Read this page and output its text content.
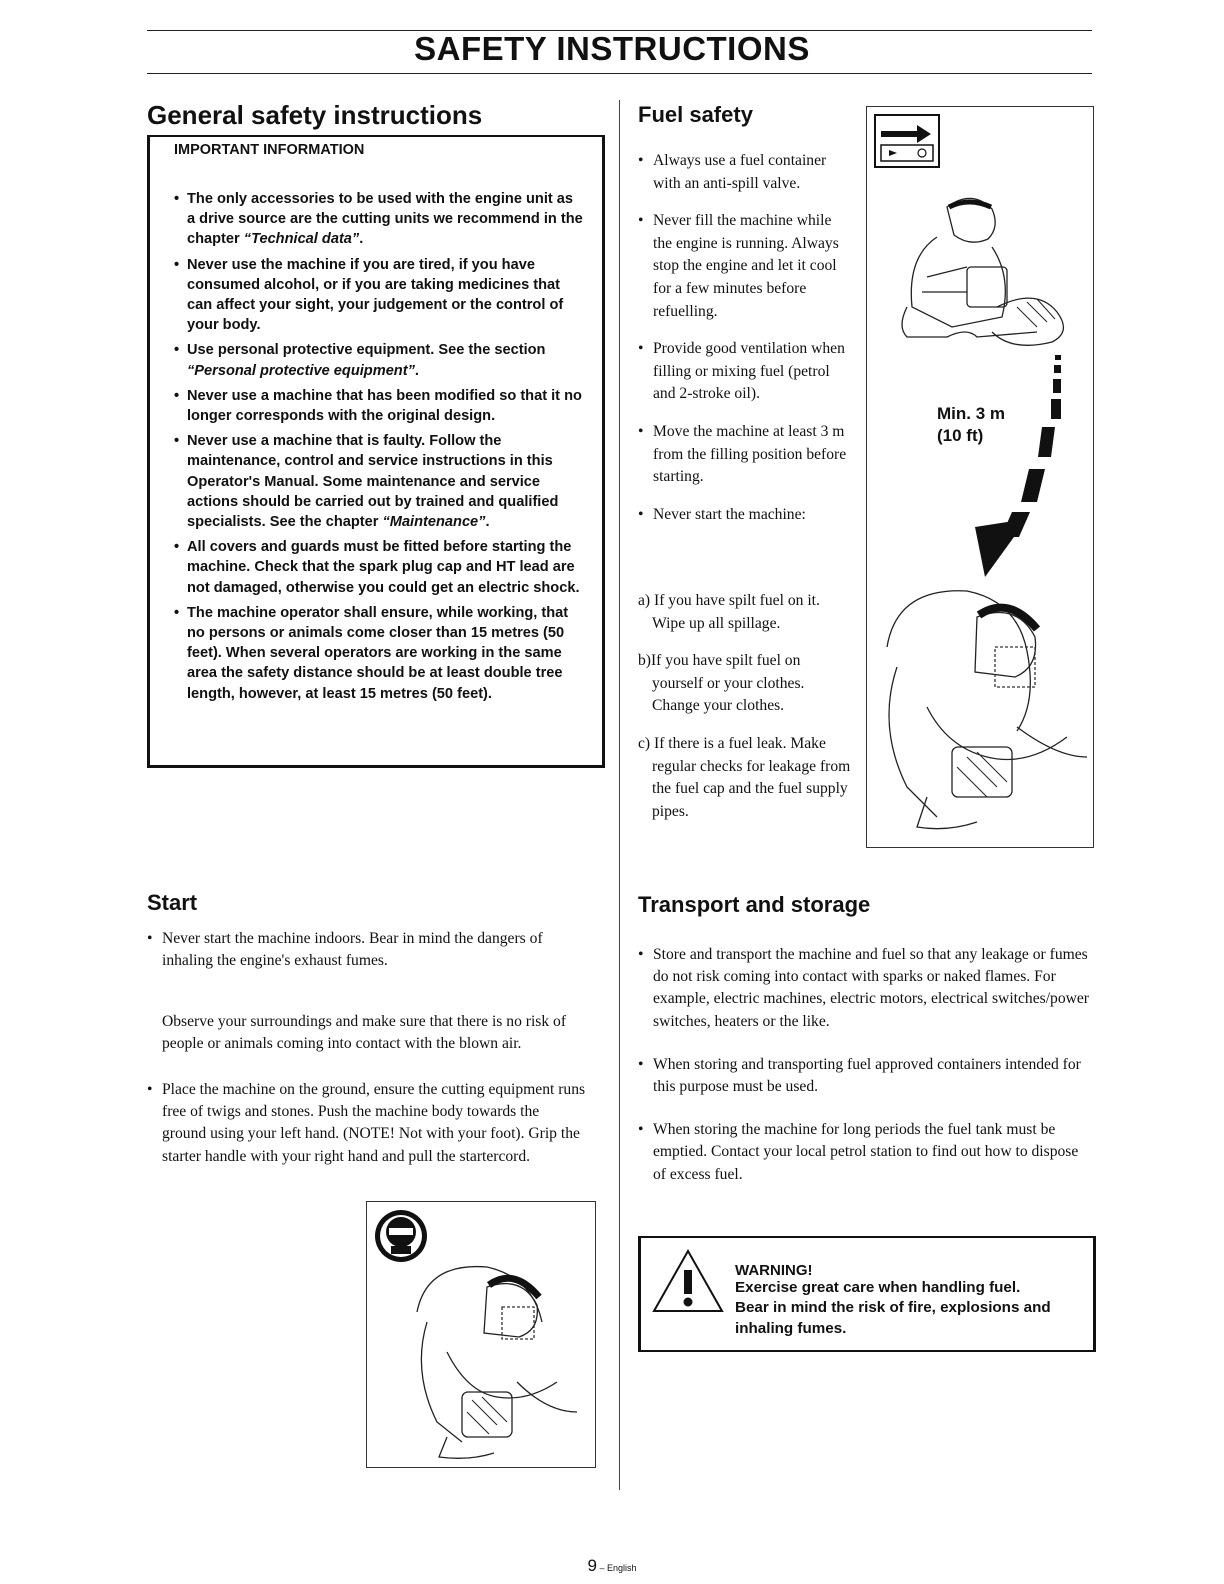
SAFETY INSTRUCTIONS
General safety instructions
IMPORTANT INFORMATION
• The only accessories to be used with the engine unit as a drive source are the cutting units we recommend in the chapter “Technical data”.
• Never use the machine if you are tired, if you have consumed alcohol, or if you are taking medicines that can affect your sight, your judgement or the control of your body.
• Use personal protective equipment. See the section “Personal protective equipment”.
• Never use a machine that has been modified so that it no longer corresponds with the original design.
• Never use a machine that is faulty. Follow the maintenance, control and service instructions in this Operator's Manual. Some maintenance and service actions should be carried out by trained and qualified specialists. See the chapter “Maintenance”.
• All covers and guards must be fitted before starting the machine. Check that the spark plug cap and HT lead are not damaged, otherwise you could get an electric shock.
• The machine operator shall ensure, while working, that no persons or animals come closer than 15 metres (50 feet). When several operators are working in the same area the safety distance should be at least double tree length, however, at least 15 metres (50 feet).
Fuel safety
• Always use a fuel container with an anti-spill valve.
• Never fill the machine while the engine is running. Always stop the engine and let it cool for a few minutes before refuelling.
• Provide good ventilation when filling or mixing fuel (petrol and 2-stroke oil).
• Move the machine at least 3 m from the filling position before starting.
• Never start the machine:
a) If you have spilt fuel on it. Wipe up all spillage.
b)If you have spilt fuel on yourself or your clothes. Change your clothes.
c) If there is a fuel leak. Make regular checks for leakage from the fuel cap and the fuel supply pipes.
Min. 3 m
(10 ft)
Start
• Never start the machine indoors. Bear in mind the dangers of inhaling the engine's exhaust fumes.

Observe your surroundings and make sure that there is no risk of people or animals coming into contact with the blown air.

• Place the machine on the ground, ensure the cutting equipment runs free of twigs and stones. Push the machine body towards the ground using your left hand. (NOTE! Not with your foot). Grip the starter handle with your right hand and pull the startercord.
Transport and storage
• Store and transport the machine and fuel so that any leakage or fumes do not risk coming into contact with sparks or naked flames. For example, electric machines, electric motors, electrical switches/power switches, heaters or the like.
• When storing and transporting fuel approved containers intended for this purpose must be used.
• When storing the machine for long periods the fuel tank must be emptied. Contact your local petrol station to find out how to dispose of excess fuel.
WARNING!
Exercise great care when handling fuel.
Bear in mind the risk of fire, explosions and inhaling fumes.
9 – English
